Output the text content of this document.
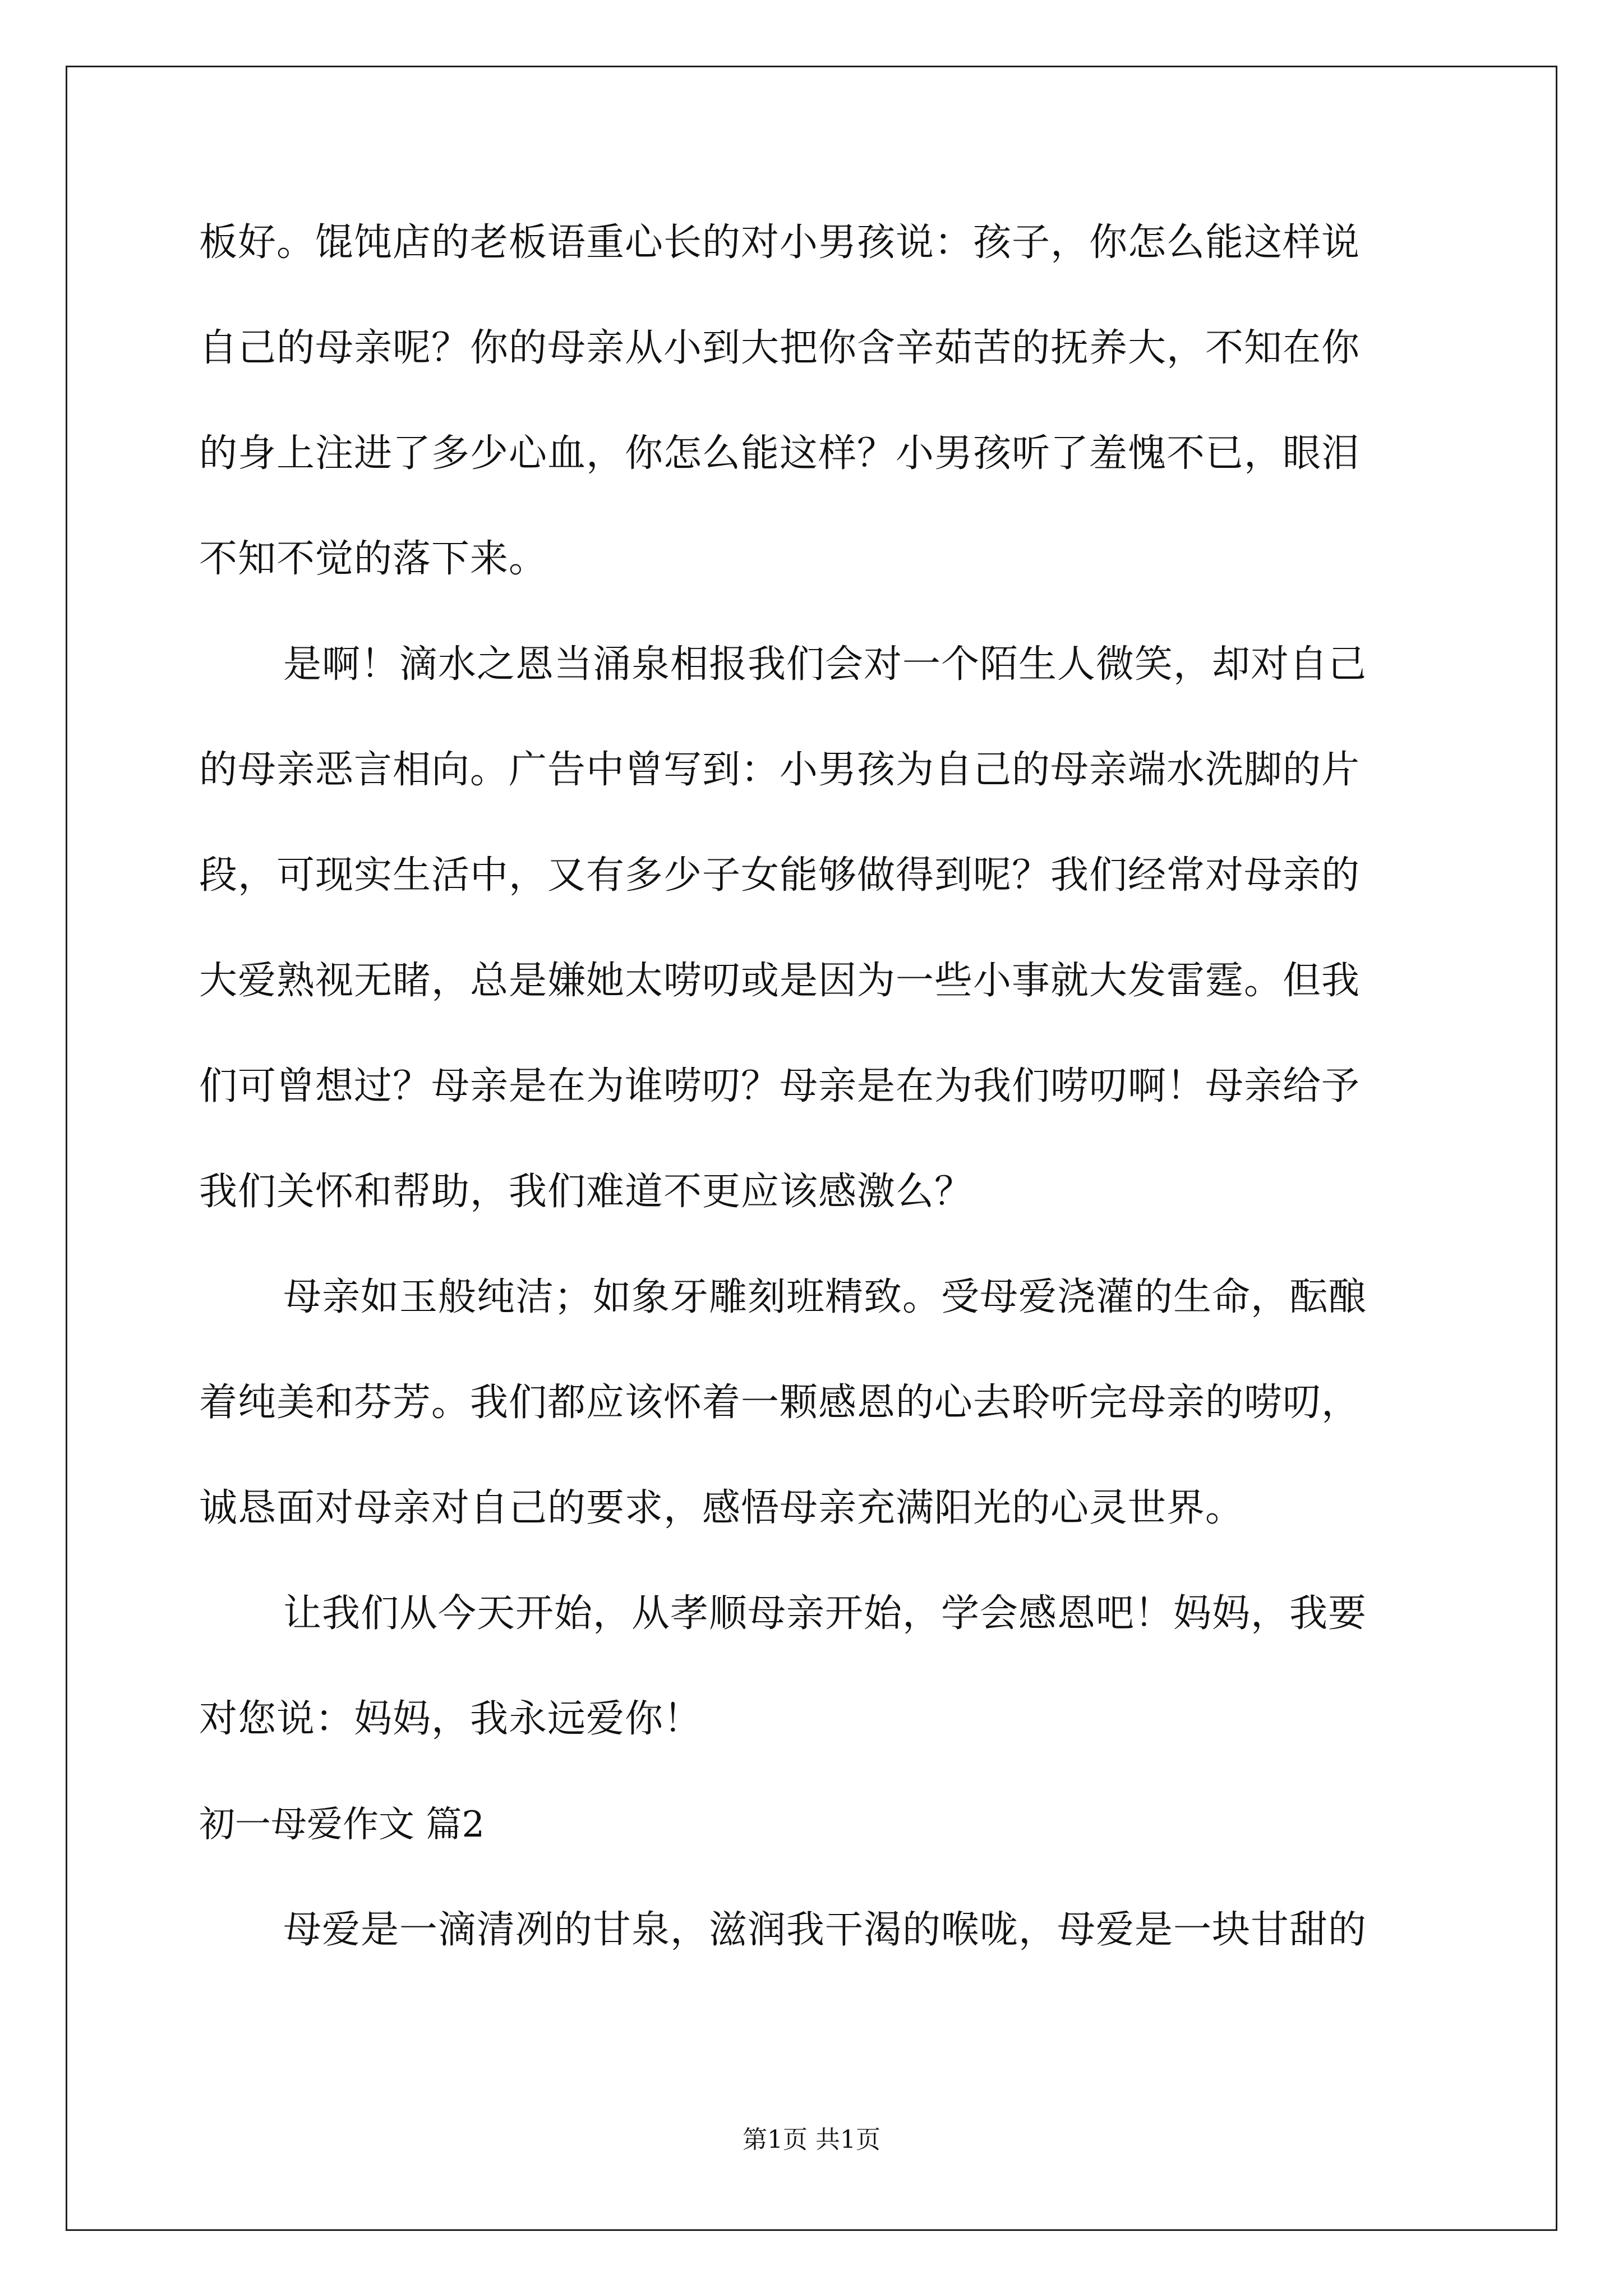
板好。馄饨店的老板语重心长的对小男孩说：孩子，你怎么能这样说
自己的母亲呢？你的母亲从小到大把你含辛茹苦的抚养大，不知在你
的身上注进了多少心血，你怎么能这样？小男孩听了羞愧不已，眼泪
不知不觉的落下来。
是啊！滴水之恩当涌泉相报我们会对一个陌生人微笑，却对自己
的母亲恶言相向。广告中曾写到：小男孩为自己的母亲端水洗脚的片
段，可现实生活中，又有多少子女能够做得到呢？我们经常对母亲的
大爱熟视无睹，总是嫌她太唠叨或是因为一些小事就大发雷霆。但我
们可曾想过？母亲是在为谁唠叨？母亲是在为我们唠叨啊！母亲给予
我们关怀和帮助，我们难道不更应该感激么？
母亲如玉般纯洁；如象牙雕刻班精致。受母爱浇灌的生命，酝酿
着纯美和芬芳。我们都应该怀着一颗感恩的心去聆听完母亲的唠叨，
诚恳面对母亲对自己的要求，感悟母亲充满阳光的心灵世界。
让我们从今天开始，从孝顺母亲开始，学会感恩吧！妈妈，我要
对您说：妈妈，我永远爱你！
初一母爱作文 篇2
母爱是一滴清冽的甘泉，滋润我干渴的喉咙，母爱是一块甘甜的
第1页 共1页
